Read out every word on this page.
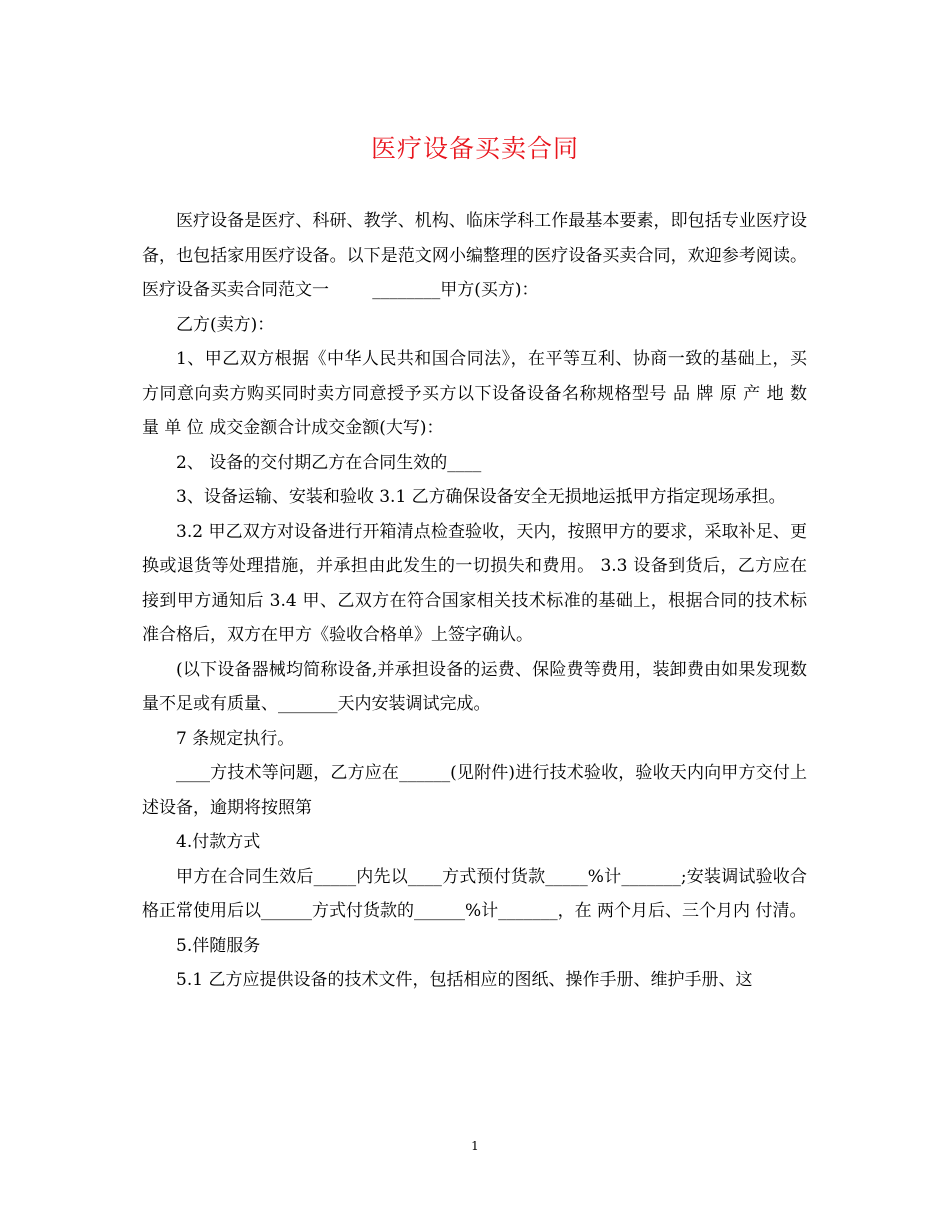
医疗设备买卖合同

医疗设备是医疗、科研、教学、机构、临床学科工作最基本要素，即包括专业医疗设备，也包括家用医疗设备。以下是范文网小编整理的医疗设备买卖合同，欢迎参考阅读。 医疗设备买卖合同范文一        ________甲方(买方)：

乙方(卖方)：

1、甲乙双方根据《中华人民共和国合同法》，在平等互利、协商一致的基础上，买方同意向卖方购买同时卖方同意授予买方以下设备设备名称规格型号 品 牌 原 产 地 数 量 单 位 成交金额合计成交金额(大写)：

2、 设备的交付期乙方在合同生效的____

3、设备运输、安装和验收 3.1 乙方确保设备安全无损地运抵甲方指定现场承担。

3.2 甲乙双方对设备进行开箱清点检查验收，天内，按照甲方的要求，采取补足、更换或退货等处理措施，并承担由此发生的一切损失和费用。 3.3 设备到货后，乙方应在接到甲方通知后 3.4 甲、乙双方在符合国家相关技术标准的基础上，根据合同的技术标准合格后，双方在甲方《验收合格单》上签字确认。

(以下设备器械均简称设备,并承担设备的运费、保险费等费用，装卸费由如果发现数量不足或有质量、_______天内安装调试完成。

7 条规定执行。

____方技术等问题，乙方应在______(见附件)进行技术验收，验收天内向甲方交付上述设备，逾期将按照第

4.付款方式

甲方在合同生效后_____内先以____方式预付货款_____%计_______;安装调试验收合格正常使用后以______方式付货款的______%计_______，在 两个月后、三个月内 付清。

5.伴随服务

5.1 乙方应提供设备的技术文件，包括相应的图纸、操作手册、维护手册、这

1
